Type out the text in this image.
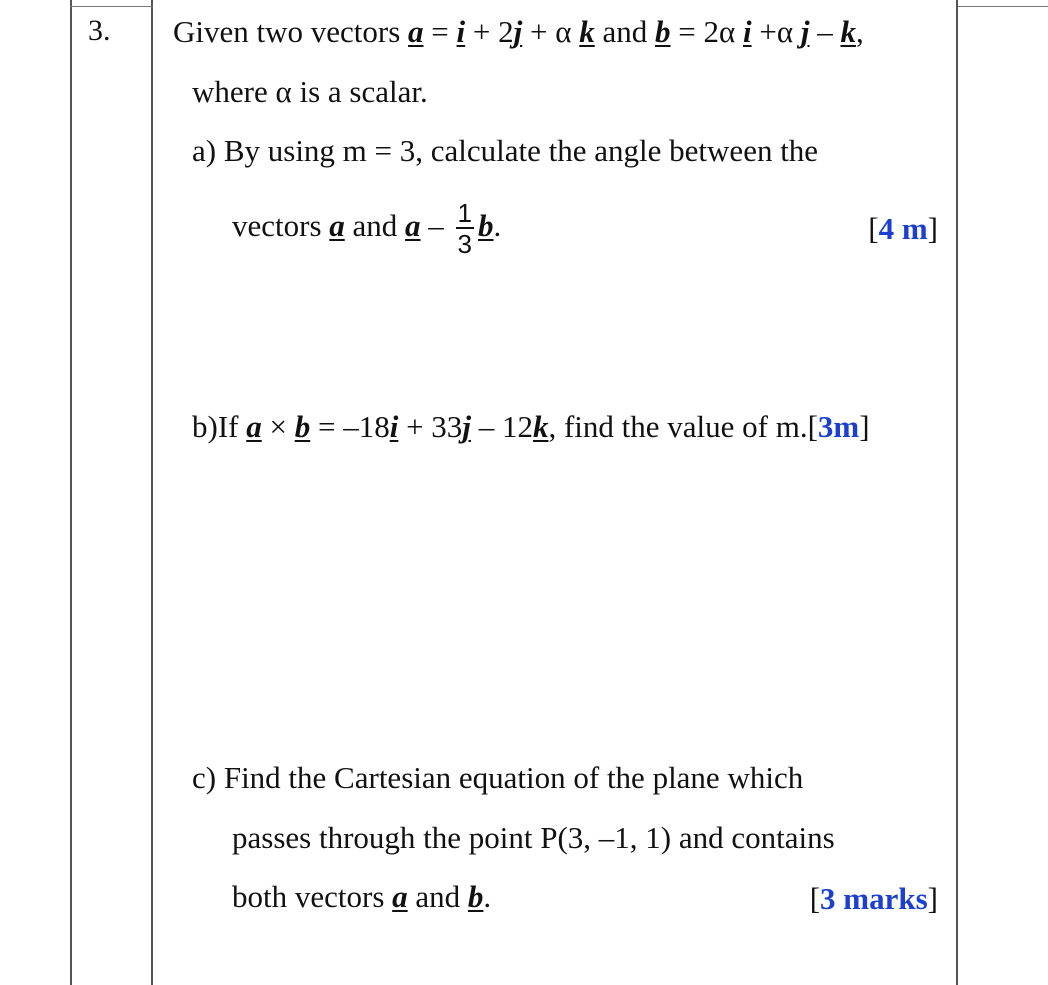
3. Given two vectors a = i + 2j + α k and b = 2α i +α j – k,
where α is a scalar.
a) By using m = 3, calculate the angle between the
vectors a and a – $\frac{1}{3} b$.	[4 m]
b)If a × b = –18i + 33j – 12k, find the value of m.[3m]
c) Find the Cartesian equation of the plane which
passes through the point P(3, –1, 1) and contains
both vectors a and b.	[3 marks]
